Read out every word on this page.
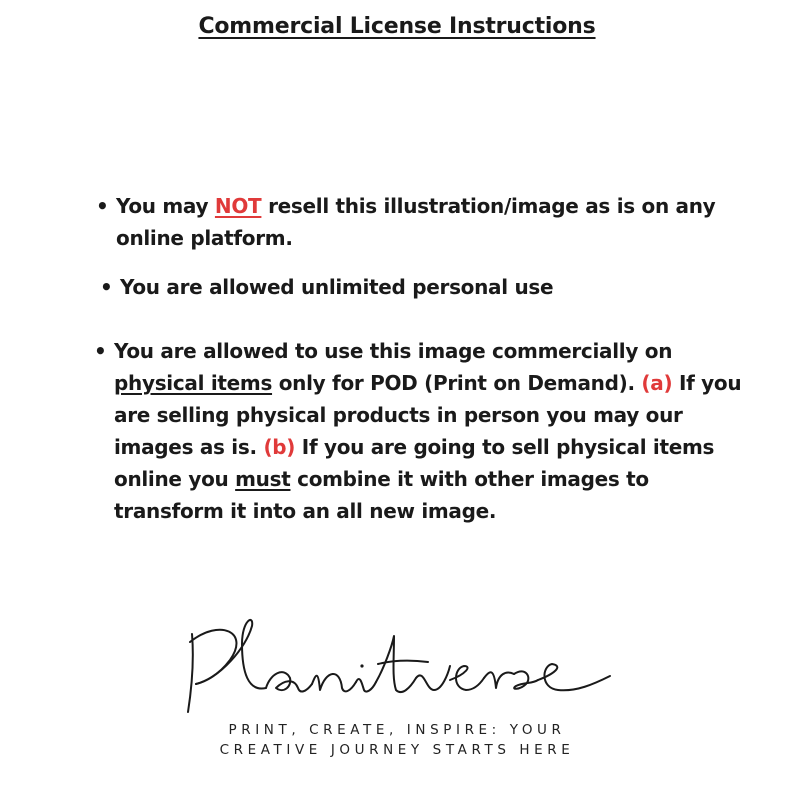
Commercial License Instructions

• You may NOT resell this illustration/image as is on any online platform.

• You are allowed unlimited personal use

• You are allowed to use this image commercially on physical items only for POD (Print on Demand). (a) If you are selling physical products in person you may our images as is. (b) If you are going to sell physical items online you must combine it with other images to transform it into an all new image.

PRINT, CREATE, INSPIRE: YOUR
CREATIVE JOURNEY STARTS HERE
